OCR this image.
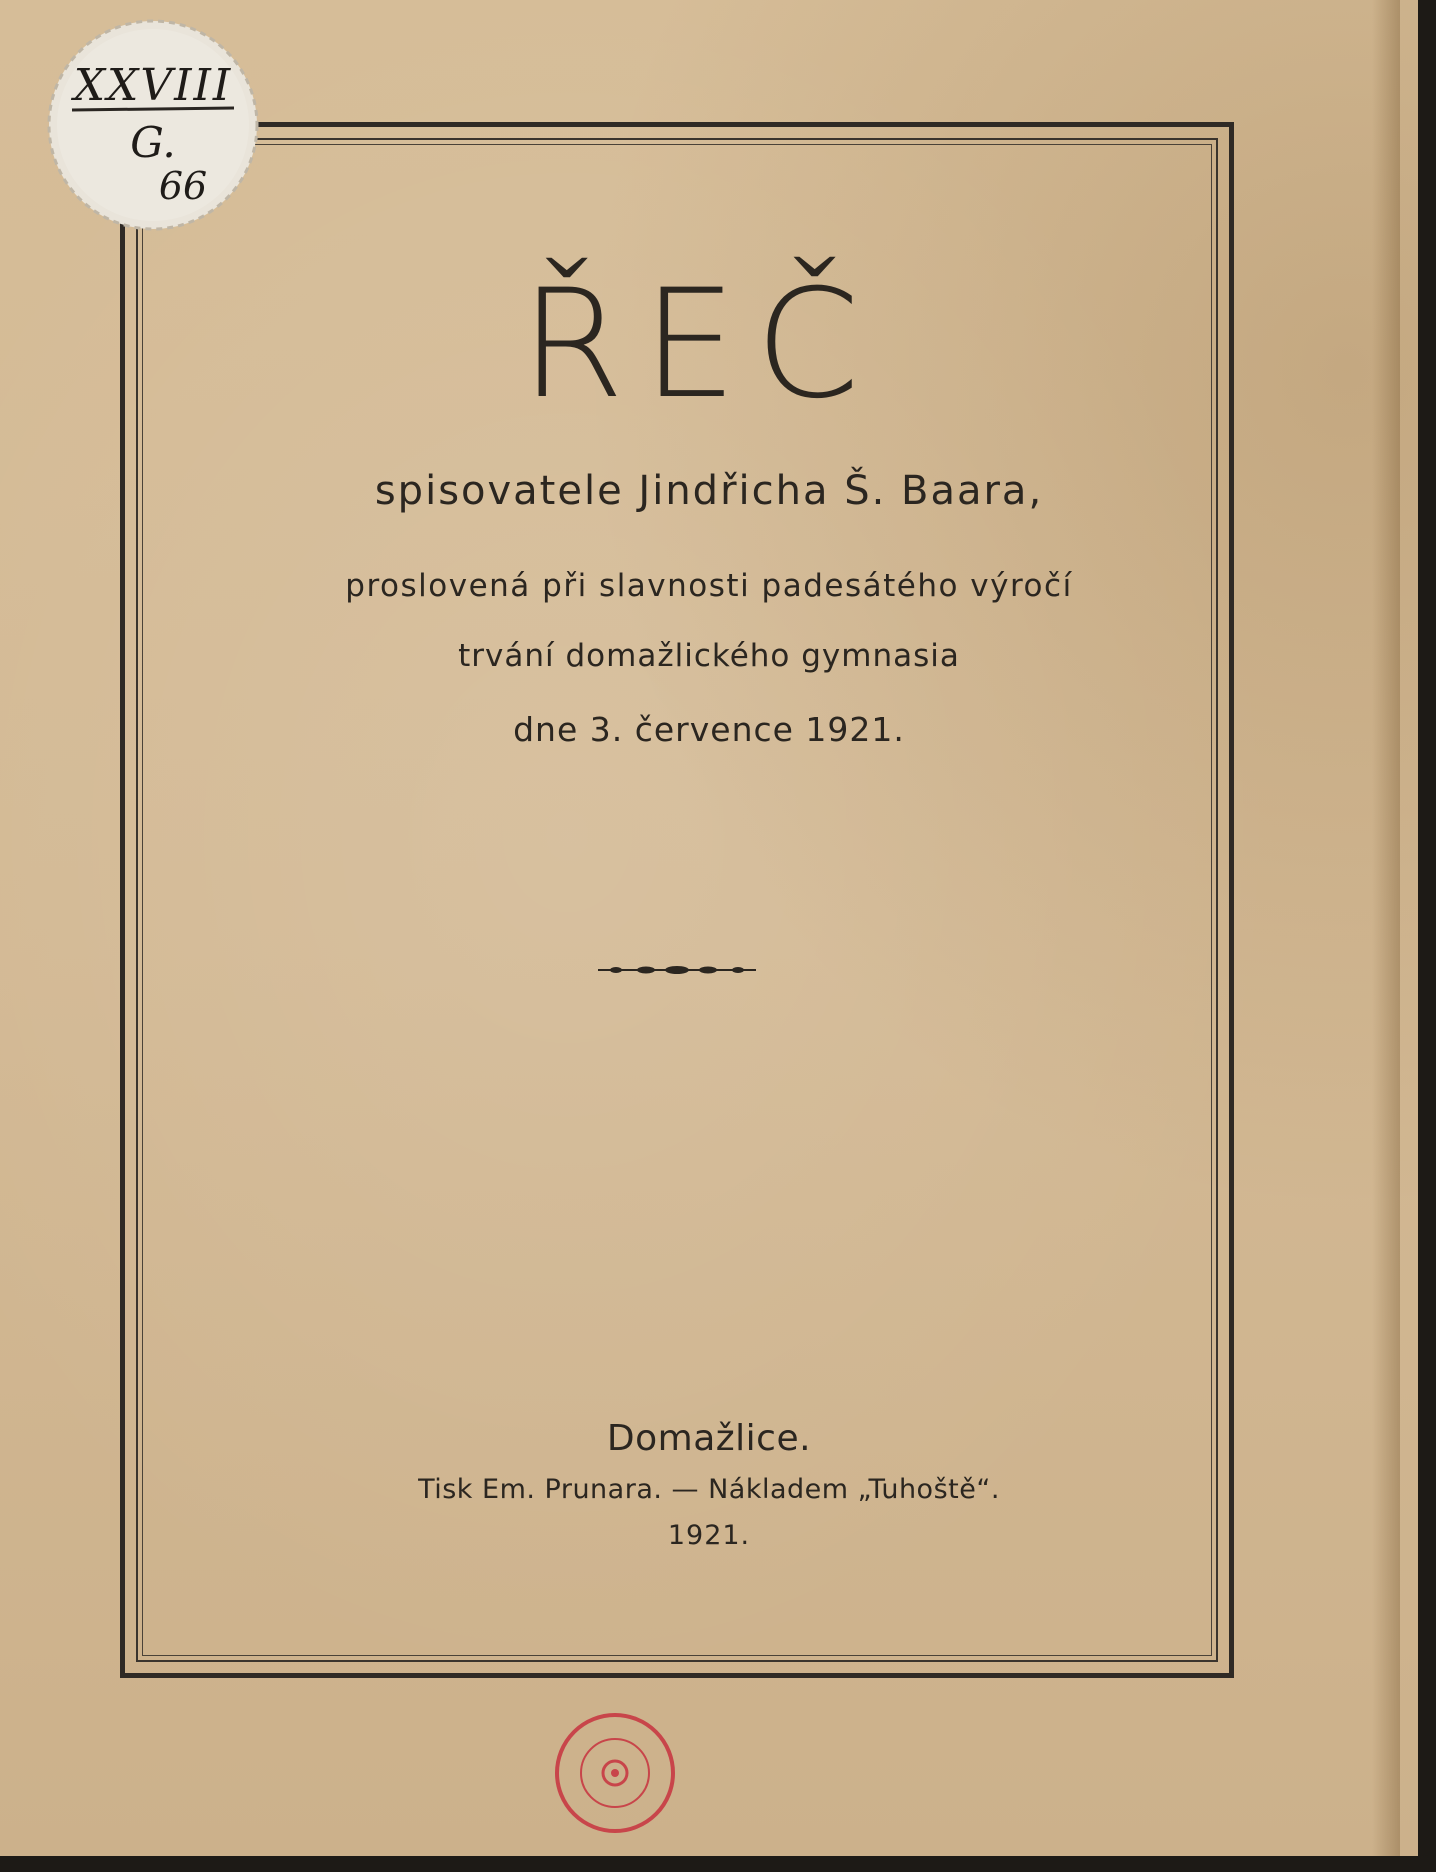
XXVIII
G.
66
ŘEČ
spisovatele Jindřicha Š. Baara,
proslovená při slavnosti padesátého výročí
trvání domažlického gymnasia
dne 3. července 1921.
Domažlice.
Tisk Em. Prunara. — Nákladem „Tuhoště“.
1921.
